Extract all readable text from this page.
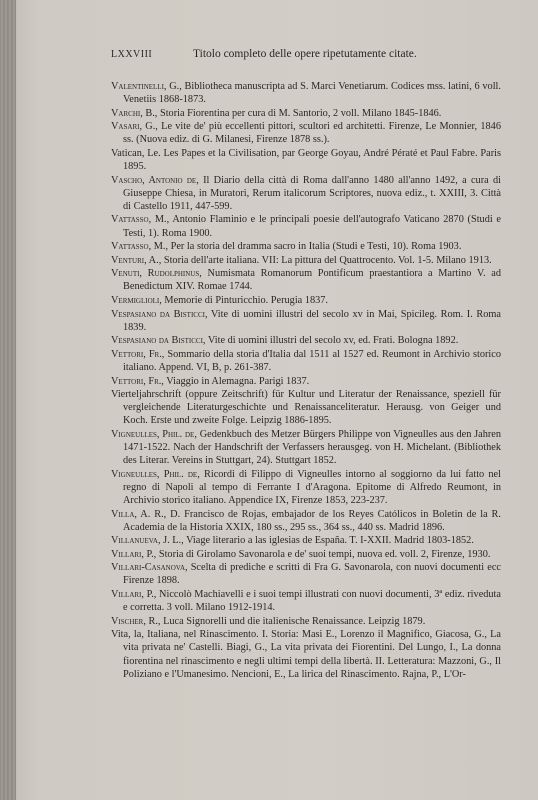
LXXVIII	Titolo completo delle opere ripetutamente citate.
Valentinelli, G., Bibliotheca manuscripta ad S. Marci Venetiarum. Codices mss. latini, 6 voll. Venetiis 1868-1873.
Varchi, B., Storia Fiorentina per cura di M. Santorio, 2 voll. Milano 1845-1846.
Vasari, G., Le vite de' più eccellenti pittori, scultori ed architetti. Firenze, Le Monnier, 1846 ss. (Nuova ediz. di G. Milanesi, Firenze 1878 ss.).
Vatican, Le. Les Papes et la Civilisation, par George Goyau, André Pératé et Paul Fabre. Paris 1895.
Vascho, Antonio de, Il Diario della città di Roma dall'anno 1480 all'anno 1492, a cura di Giuseppe Chiesa, in Muratori, Rerum italicorum Scriptores, nuova ediz., t. XXIII, 3. Città di Castello 1911, 447-599.
Vattasso, M., Antonio Flaminio e le principali poesie dell'autografo Vaticano 2870 (Studi e Testi, 1). Roma 1900.
Vattasso, M., Per la storia del dramma sacro in Italia (Studi e Testi, 10). Roma 1903.
Venturi, A., Storia dell'arte italiana. VII: La pittura del Quattrocento. Vol. 1-5. Milano 1913.
Venuti, Rudolphinus, Numismata Romanorum Pontificum praestantiora a Martino V. ad Benedictum XIV. Romae 1744.
Vermiglioli, Memorie di Pinturicchio. Perugia 1837.
Vespasiano da Bisticci, Vite di uomini illustri del secolo xv in Mai, Spicileg. Rom. I. Roma 1839.
Vespasiano da Bisticci, Vite di uomini illustri del secolo xv, ed. Frati. Bologna 1892.
Vettori, Fr., Sommario della storia d'Italia dal 1511 al 1527 ed. Reumont in Archivio storico italiano. Append. VI, B, p. 261-387.
Vettori, Fr., Viaggio in Alemagna. Parigi 1837.
Vierteljahrschrift (oppure Zeitschrift) für Kultur und Literatur der Renaissance, speziell für vergleichende Literaturgeschichte und Renaissanceliteratur. Herausg. von Geiger und Koch. Erste und zweite Folge. Leipzig 1886-1895.
Vigneulles, Phil. de, Gedenkbuch des Metzer Bürgers Philippe von Vigneulles aus den Jahren 1471-1522. Nach der Handschrift der Verfassers herausgeg. von H. Michelant. (Bibliothek des Literar. Vereins in Stuttgart, 24). Stuttgart 1852.
Vigneulles, Phil. de, Ricordi di Filippo di Vigneulles intorno al soggiorno da lui fatto nel regno di Napoli al tempo di Ferrante I d'Aragona. Epitome di Alfredo Reumont, in Archivio storico italiano. Appendice IX, Firenze 1853, 223-237.
Villa, A. R., D. Francisco de Rojas, embajador de los Reyes Católicos in Boletin de la R. Academia de la Historia XXIX, 180 ss., 295 ss., 364 ss., 440 ss. Madrid 1896.
Villanueva, J. L., Viage literario a las iglesias de España. T. I-XXII. Madrid 1803-1852.
Villari, P., Storia di Girolamo Savonarola e de' suoi tempi, nuova ed. voll. 2, Firenze, 1930.
Villari-Casanova, Scelta di prediche e scritti di Fra G. Savonarola, con nuovi documenti ecc Firenze 1898.
Villari, P., Niccolò Machiavelli e i suoi tempi illustrati con nuovi documenti, 3ª ediz. riveduta e corretta. 3 voll. Milano 1912-1914.
Vischer, R., Luca Signorelli und die italienische Renaissance. Leipzig 1879.
Vita, la, Italiana, nel Rinascimento. I. Storia: Masi E., Lorenzo il Magnifico, Giacosa, G., La vita privata ne' Castelli. Biagi, G., La vita privata dei Fiorentini. Del Lungo, I., La donna fiorentina nel rinascimento e negli ultimi tempi della libertà. II. Letteratura: Mazzoni, G., Il Poliziano e l'Umanesimo. Nencioni, E., La lirica del Rinascimento. Rajna, P., L'Or-
